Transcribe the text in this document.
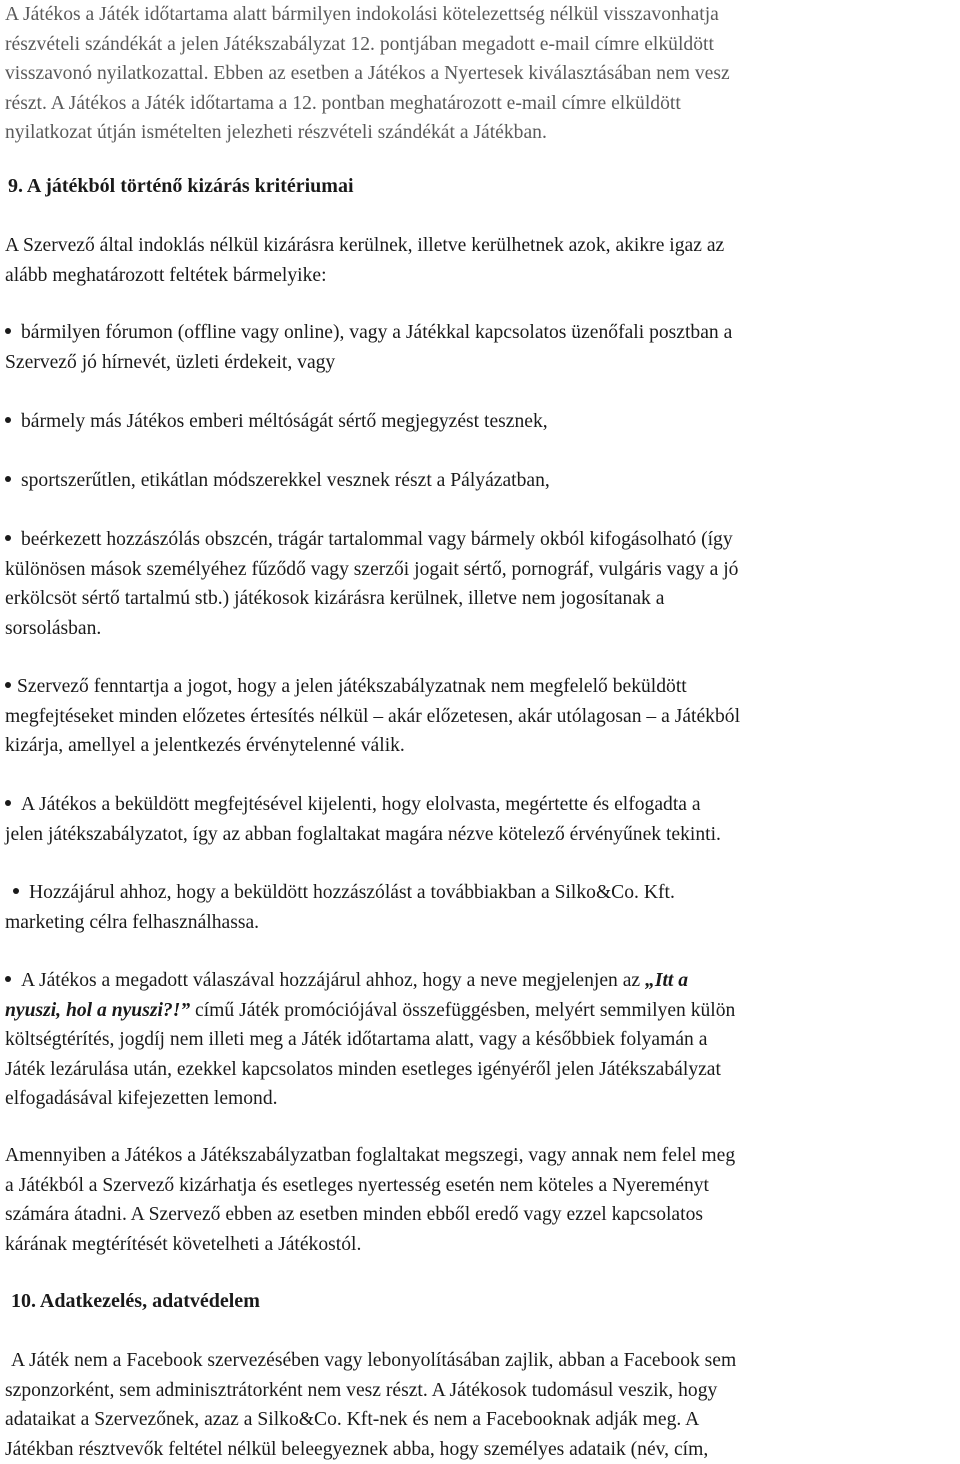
A Játékos a Játék időtartama alatt bármilyen indokolási kötelezettség nélkül visszavonhatja
részvételi szándékát a jelen Játékszabályzat 12. pontjában megadott e-mail címre elküldött
visszavonó nyilatkozattal. Ebben az esetben a Játékos a Nyertesek kiválasztásában nem vesz
részt. A Játékos a Játék időtartama a 12. pontban meghatározott e-mail címre elküldött
nyilatkozat útján ismételten jelezheti részvételi szándékát a Játékban.
9. A játékból történő kizárás kritériumai
A Szervező által indoklás nélkül kizárásra kerülnek, illetve kerülhetnek azok, akikre igaz az
alább meghatározott feltétek bármelyike:
bármilyen fórumon (offline vagy online), vagy a Játékkal kapcsolatos üzenőfali posztban a
Szervező jó hírnevét, üzleti érdekeit, vagy
bármely más Játékos emberi méltóságát sértő megjegyzést tesznek,
sportszerűtlen, etikátlan módszerekkel vesznek részt a Pályázatban,
beérkezett hozzászólás obszcén, trágár tartalommal vagy bármely okból kifogásolható (így
különösen mások személyéhez fűződő vagy szerzői jogait sértő, pornográf, vulgáris vagy a jó
erkölcsöt sértő tartalmú stb.) játékosok kizárásra kerülnek, illetve nem jogosítanak a
sorsolásban.
Szervező fenntartja a jogot, hogy a jelen játékszabályzatnak nem megfelelő beküldött
megfejtéseket minden előzetes értesítés nélkül – akár előzetesen, akár utólagosan – a Játékból
kizárja, amellyel a jelentkezés érvénytelenné válik.
A Játékos a beküldött megfejtésével kijelenti, hogy elolvasta, megértette és elfogadta a
jelen játékszabályzatot, így az abban foglaltakat magára nézve kötelező érvényűnek tekinti.
Hozzájárul ahhoz, hogy a beküldött hozzászólást a továbbiakban a Silko&Co. Kft.
marketing célra felhasználhassa.
A Játékos a megadott válaszával hozzájárul ahhoz, hogy a neve megjelenjen az „Itt a
nyuszi, hol a nyuszi?!” című Játék promóciójával összefüggésben, melyért semmilyen külön
költségtérítés, jogdíj nem illeti meg a Játék időtartama alatt, vagy a későbbiek folyamán a
Játék lezárulása után, ezekkel kapcsolatos minden esetleges igényéről jelen Játékszabályzat
elfogadásával kifejezetten lemond.
Amennyiben a Játékos a Játékszabályzatban foglaltakat megszegi, vagy annak nem felel meg
a Játékból a Szervező kizárhatja és esetleges nyertesség esetén nem köteles a Nyereményt
számára átadni. A Szervező ebben az esetben minden ebből eredő vagy ezzel kapcsolatos
kárának megtérítését követelheti a Játékostól.
10. Adatkezelés, adatvédelem
A Játék nem a Facebook szervezésében vagy lebonyolításában zajlik, abban a Facebook sem
szponzorként, sem adminisztrátorként nem vesz részt. A Játékosok tudomásul veszik, hogy
adataikat a Szervezőnek, azaz a Silko&Co. Kft-nek és nem a Facebooknak adják meg. A
Játékban résztvevők feltétel nélkül beleegyeznek abba, hogy személyes adataik (név, cím,
